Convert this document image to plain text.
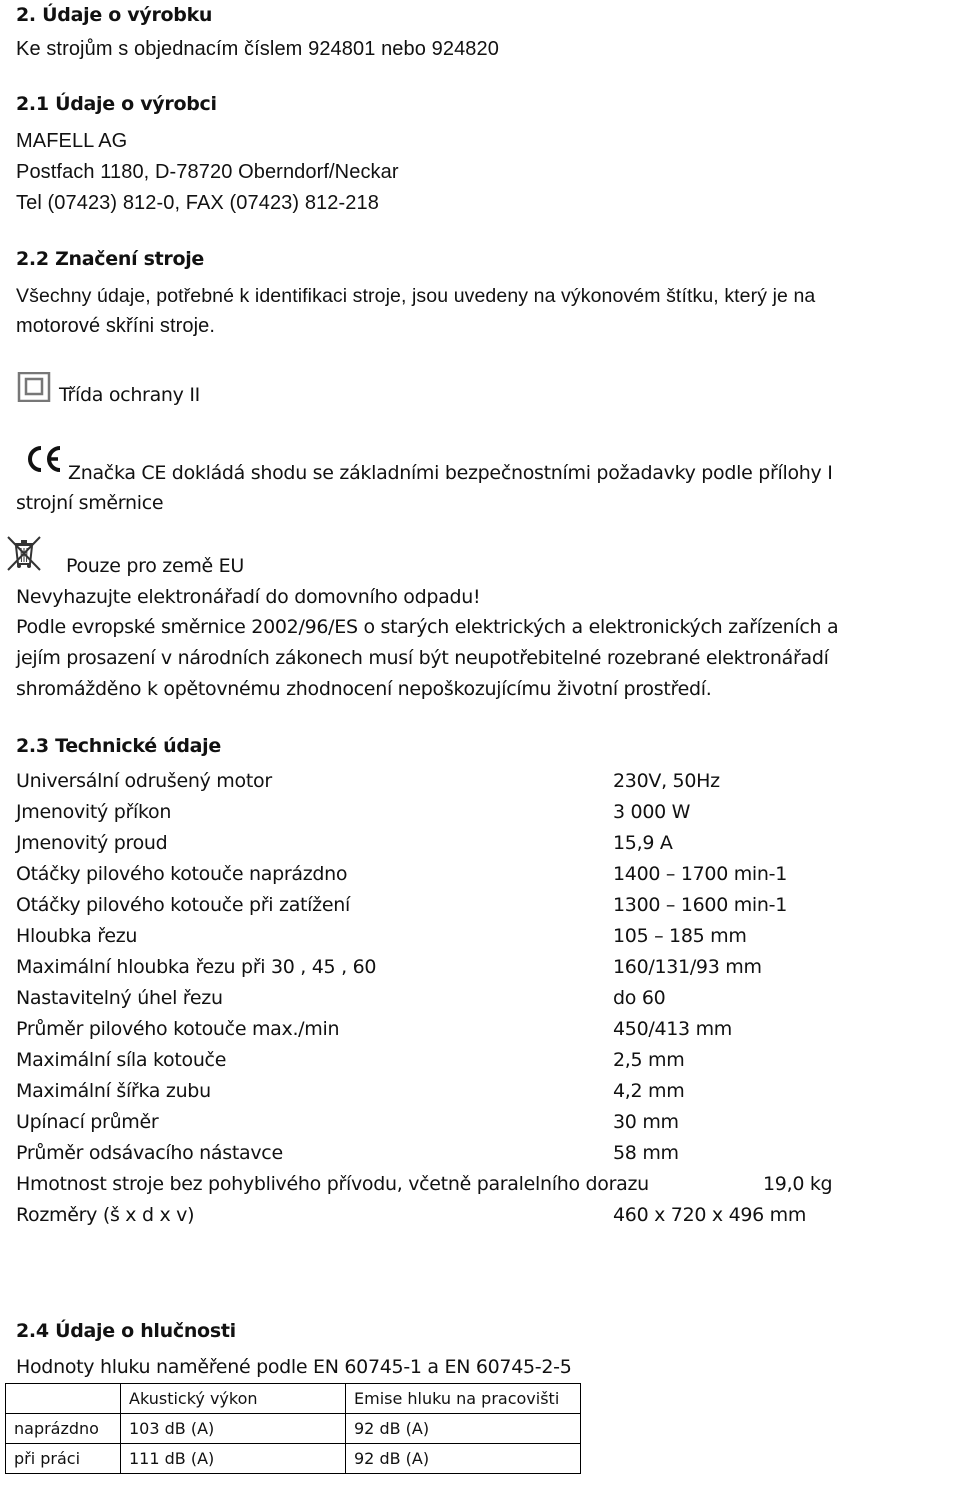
2. Údaje o výrobku
Ke strojům s objednacím číslem 924801 nebo 924820
2.1 Údaje o výrobci
MAFELL AG
Postfach 1180, D-78720 Oberndorf/Neckar
Tel (07423) 812-0, FAX (07423) 812-218
2.2 Značení stroje
Všechny údaje, potřebné k identifikaci stroje, jsou uvedeny na výkonovém štítku, který je na
motorové skříni stroje.
Třída ochrany II
Značka CE dokládá shodu se základními bezpečnostními požadavky podle přílohy I
strojní směrnice
Pouze pro země EU
Nevyhazujte elektronářadí do domovního odpadu!
Podle evropské směrnice 2002/96/ES o starých elektrických a elektronických zařízeních a
jejím prosazení v národních zákonech musí být neupotřebitelné rozebrané elektronářadí
shromážděno k opětovnému zhodnocení nepoškozujícímu životní prostředí.
2.3 Technické údaje
Universální odrušený motor	230V, 50Hz
Jmenovitý příkon	3 000 W
Jmenovitý proud	15,9 A
Otáčky pilového kotouče naprázdno	1400 – 1700 min-1
Otáčky pilového kotouče při zatížení	1300 – 1600 min-1
Hloubka řezu	105 – 185 mm
Maximální hloubka řezu při 30 , 45 , 60	160/131/93 mm
Nastavitelný úhel řezu	do 60
Průměr pilového kotouče max./min	450/413 mm
Maximální síla kotouče	2,5 mm
Maximální šířka zubu	4,2 mm
Upínací průměr	30 mm
Průměr odsávacího nástavce	58 mm
Hmotnost stroje bez pohyblivého přívodu, včetně paralelního dorazu	19,0 kg
Rozměry (š x d x v)	460 x 720 x 496 mm
2.4 Údaje o hlučnosti
Hodnoty hluku naměřené podle EN 60745-1 a EN 60745-2-5
	Akustický výkon	Emise hluku na pracovišti
naprázdno	103 dB (A)	92 dB (A)
při práci	111 dB (A)	92 dB (A)
